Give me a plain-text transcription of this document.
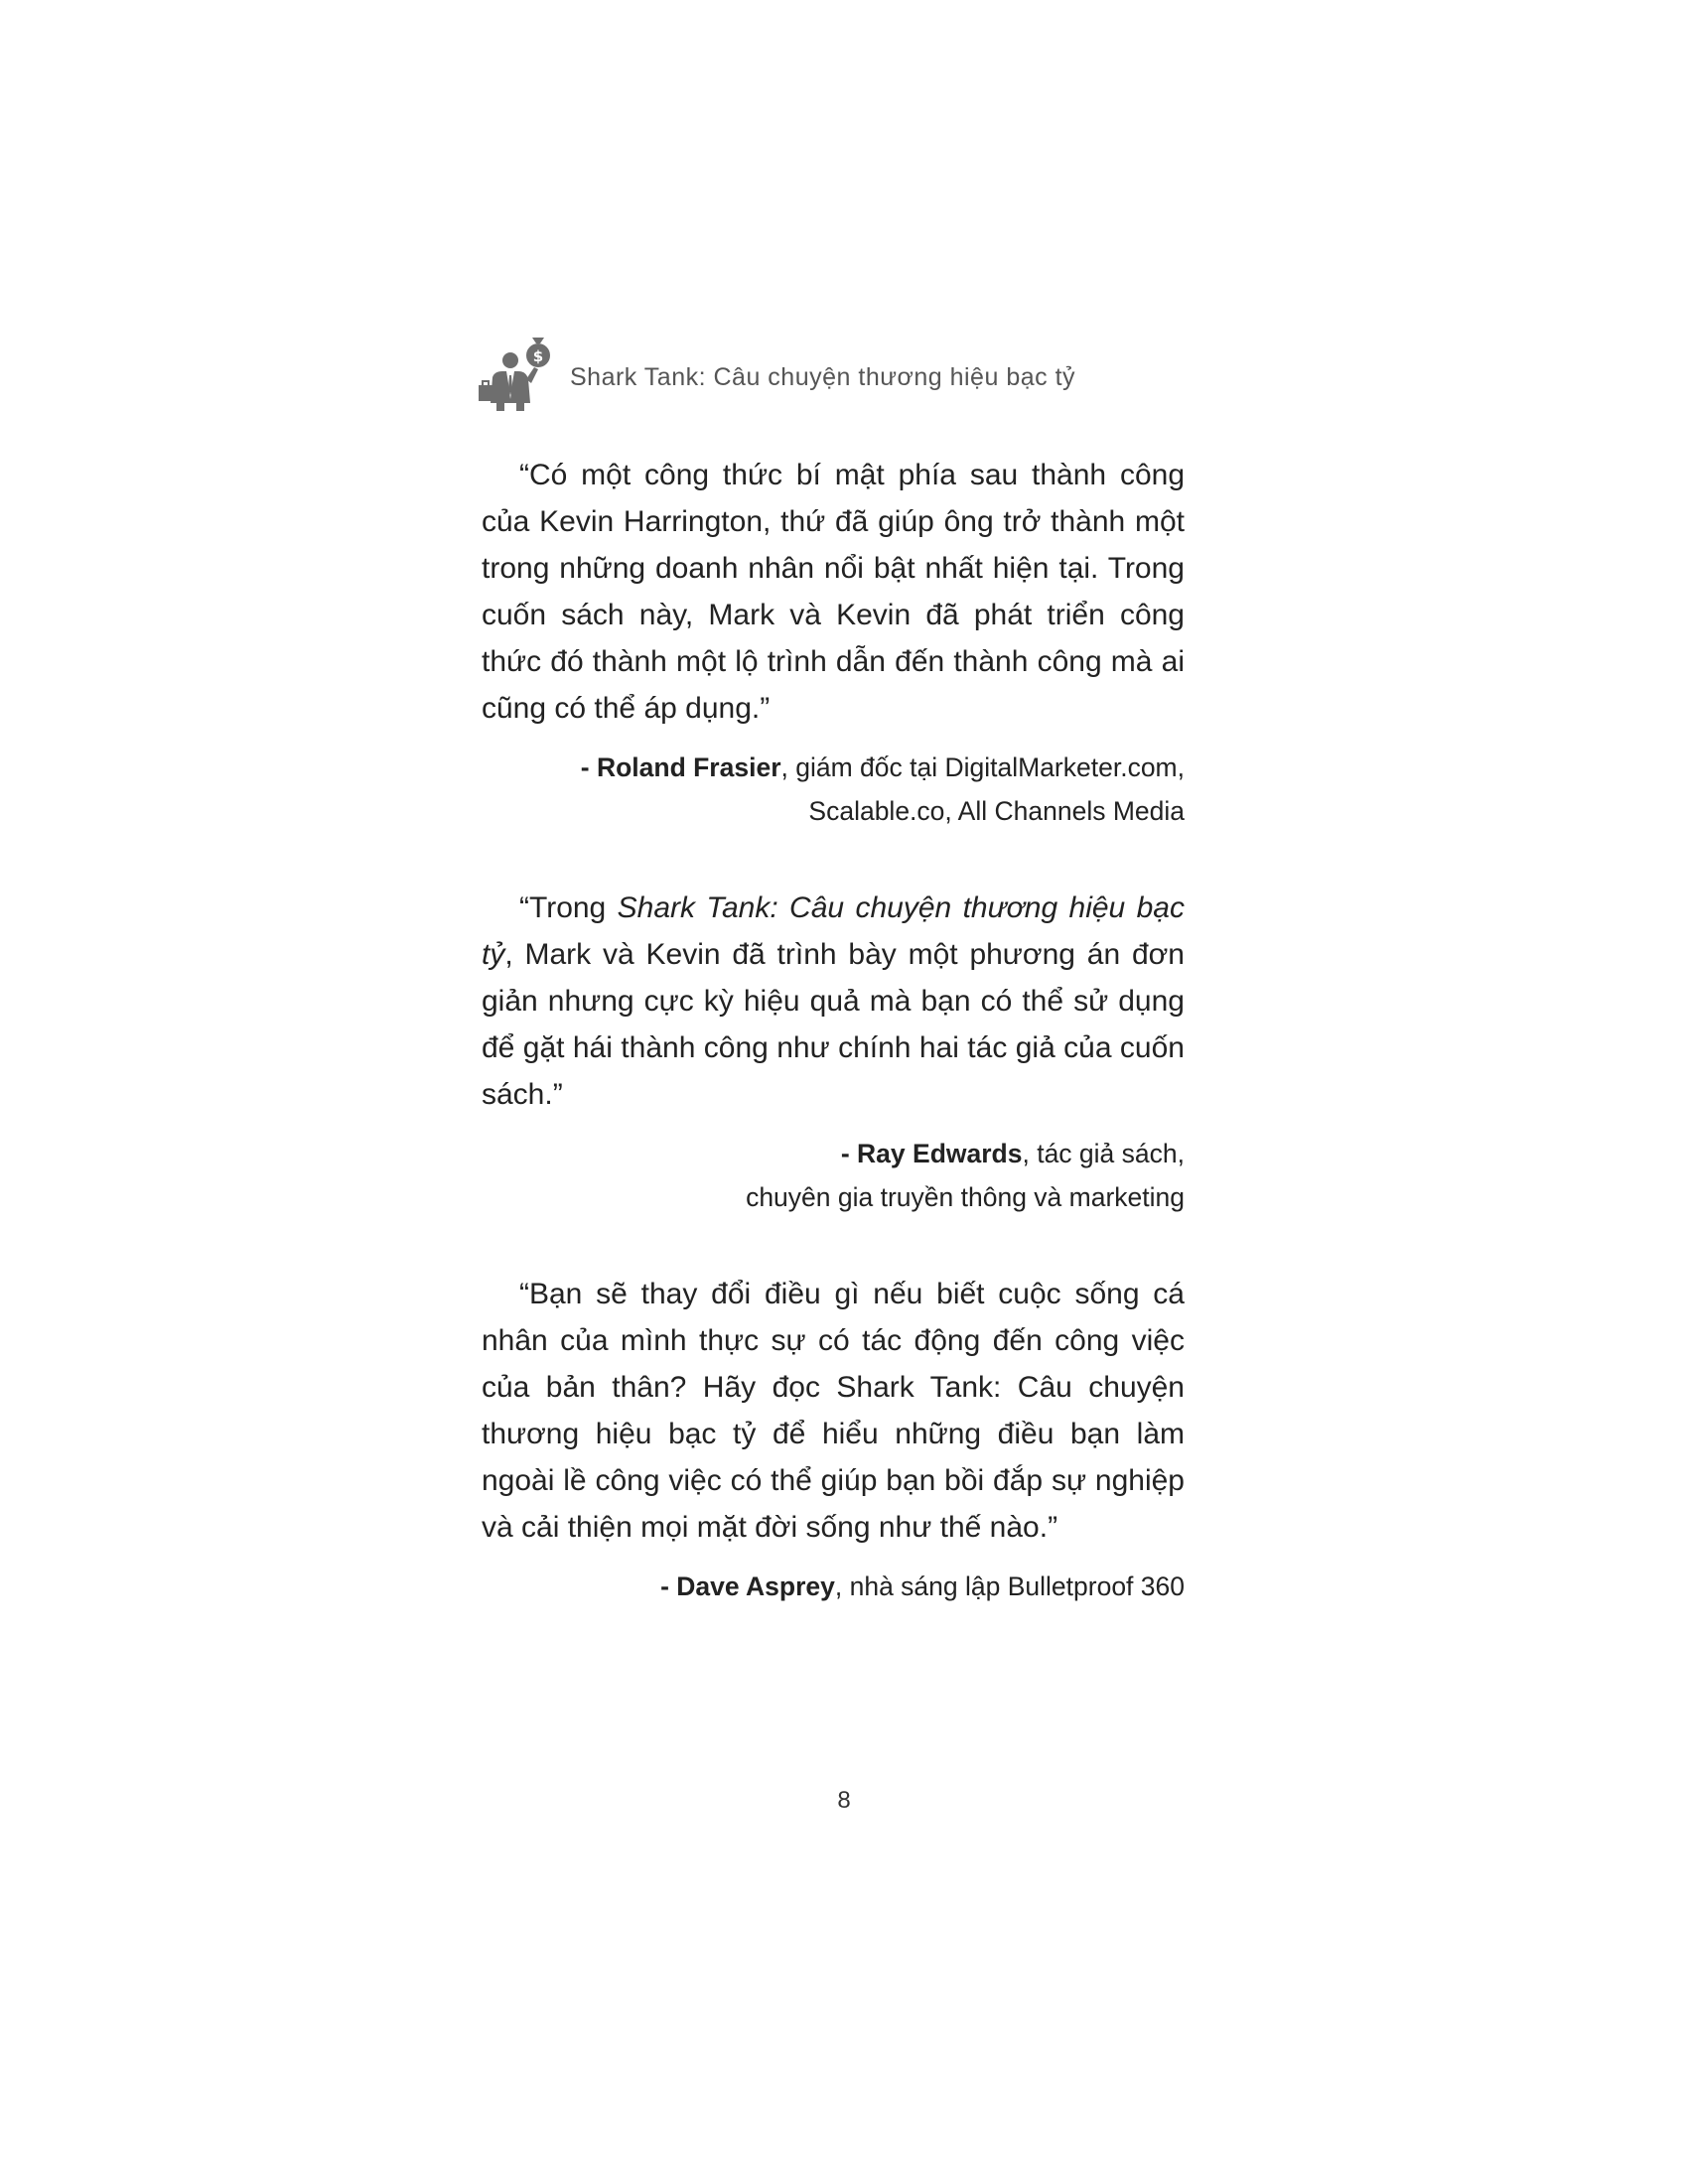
$
Shark Tank: Câu chuyện thương hiệu bạc tỷ

“Có một công thức bí mật phía sau thành công của Kevin Harrington, thứ đã giúp ông trở thành một trong những doanh nhân nổi bật nhất hiện tại. Trong cuốn sách này, Mark và Kevin đã phát triển công thức đó thành một lộ trình dẫn đến thành công mà ai cũng có thể áp dụng.”

- Roland Frasier, giám đốc tại DigitalMarketer.com,
Scalable.co, All Channels Media

“Trong Shark Tank: Câu chuyện thương hiệu bạc tỷ, Mark và Kevin đã trình bày một phương án đơn giản nhưng cực kỳ hiệu quả mà bạn có thể sử dụng để gặt hái thành công như chính hai tác giả của cuốn sách.”

- Ray Edwards, tác giả sách,
chuyên gia truyền thông và marketing

“Bạn sẽ thay đổi điều gì nếu biết cuộc sống cá nhân của mình thực sự có tác động đến công việc của bản thân? Hãy đọc Shark Tank: Câu chuyện thương hiệu bạc tỷ để hiểu những điều bạn làm ngoài lề công việc có thể giúp bạn bồi đắp sự nghiệp và cải thiện mọi mặt đời sống như thế nào.”

- Dave Asprey, nhà sáng lập Bulletproof 360
8
